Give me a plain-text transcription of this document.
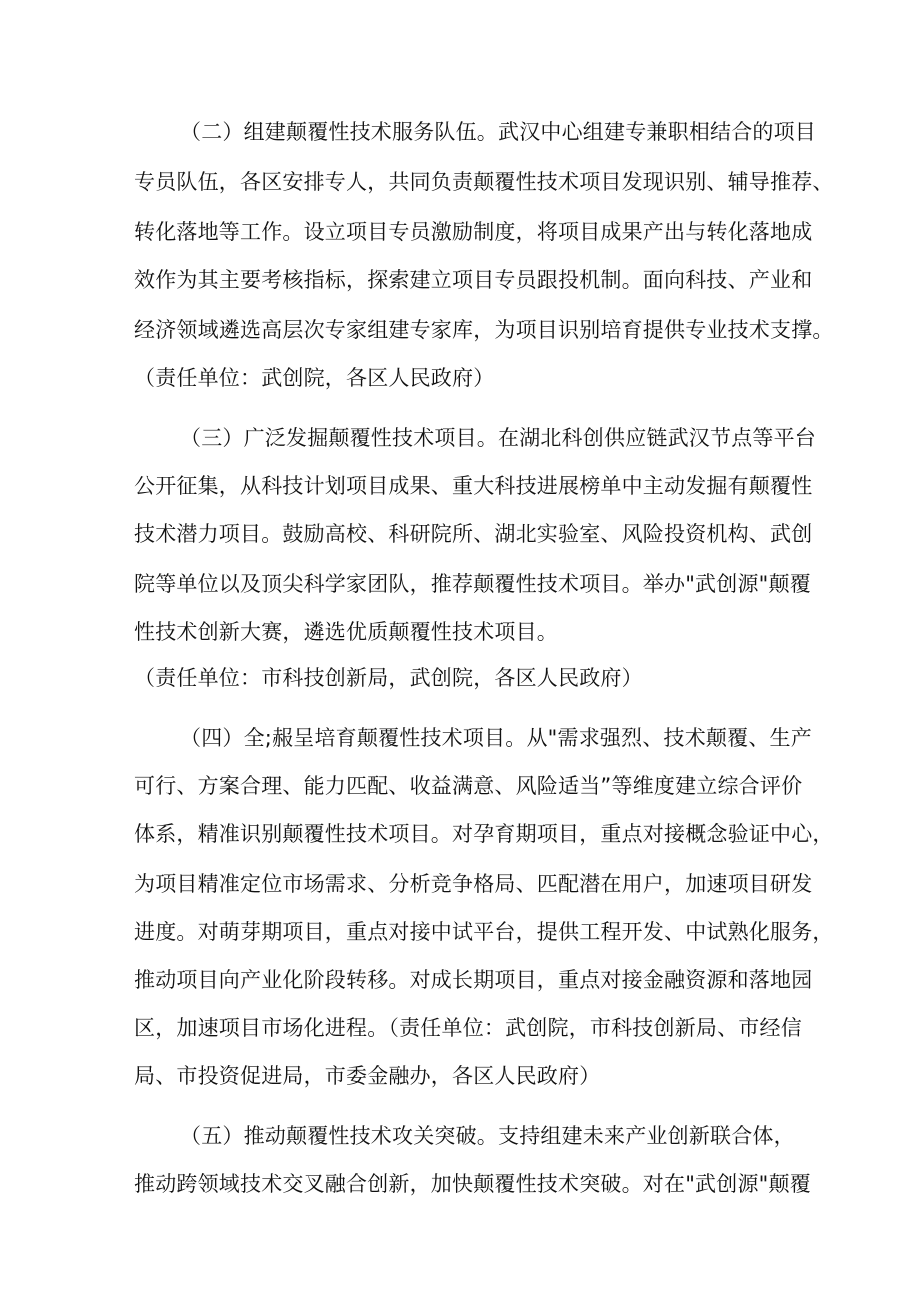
（二）组建颠覆性技术服务队伍。武汉中心组建专兼职相结合的项目
专员队伍，各区安排专人，共同负责颠覆性技术项目发现识别、辅导推荐、
转化落地等工作。设立项目专员激励制度，将项目成果产出与转化落地成
效作为其主要考核指标，探索建立项目专员跟投机制。面向科技、产业和
经济领域遴选高层次专家组建专家库，为项目识别培育提供专业技术支撑。
（责任单位：武创院，各区人民政府）
（三）广泛发掘颠覆性技术项目。在湖北科创供应链武汉节点等平台
公开征集，从科技计划项目成果、重大科技进展榜单中主动发掘有颠覆性
技术潜力项目。鼓励高校、科研院所、湖北实验室、风险投资机构、武创
院等单位以及顶尖科学家团队，推荐颠覆性技术项目。举办"武创源"颠覆
性技术创新大赛，遴选优质颠覆性技术项目。
（责任单位：市科技创新局，武创院，各区人民政府）
（四）全;赧呈培育颠覆性技术项目。从"需求强烈、技术颠覆、生产
可行、方案合理、能力匹配、收益满意、风险适当”等维度建立综合评价
体系，精准识别颠覆性技术项目。对孕育期项目，重点对接概念验证中心，
为项目精准定位市场需求、分析竞争格局、匹配潜在用户，加速项目研发
进度。对萌芽期项目，重点对接中试平台，提供工程开发、中试熟化服务，
推动项目向产业化阶段转移。对成长期项目，重点对接金融资源和落地园
区，加速项目市场化进程。（责任单位：武创院，市科技创新局、市经信
局、市投资促进局，市委金融办，各区人民政府）
（五）推动颠覆性技术攻关突破。支持组建未来产业创新联合体，
推动跨领域技术交叉融合创新，加快颠覆性技术突破。对在"武创源"颠覆
